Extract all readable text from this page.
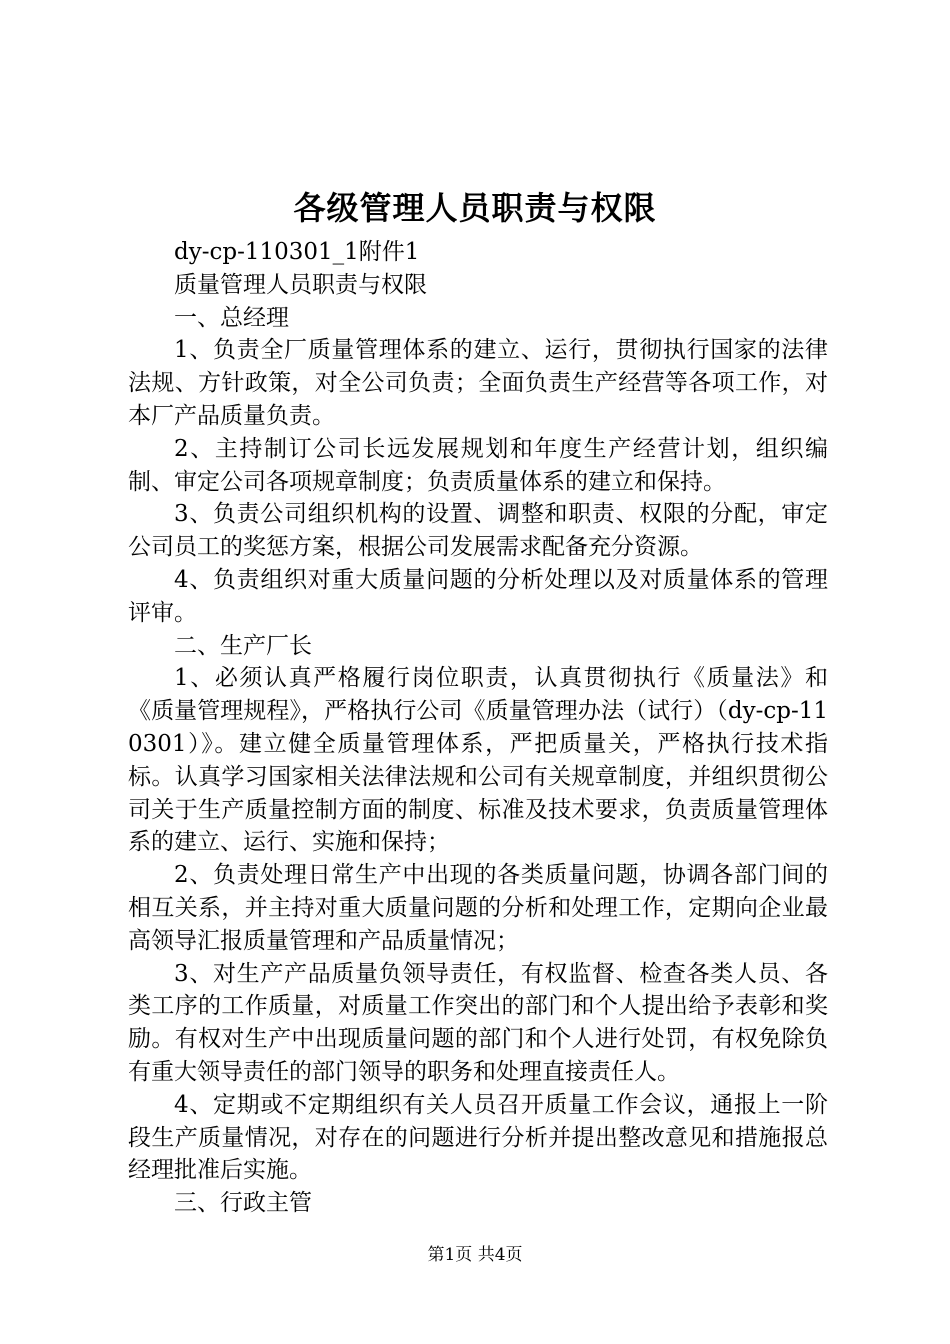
各级管理人员职责与权限

dy-cp-110301_1附件1

质量管理人员职责与权限

一、总经理

1、负责全厂质量管理体系的建立、运行，贯彻执行国家的法律法规、方针政策，对全公司负责；全面负责生产经营等各项工作，对本厂产品质量负责。

2、主持制订公司长远发展规划和年度生产经营计划，组织编制、审定公司各项规章制度；负责质量体系的建立和保持。

3、负责公司组织机构的设置、调整和职责、权限的分配，审定公司员工的奖惩方案，根据公司发展需求配备充分资源。

4、负责组织对重大质量问题的分析处理以及对质量体系的管理评审。

二、生产厂长

1、必须认真严格履行岗位职责，认真贯彻执行《质量法》和《质量管理规程》，严格执行公司《质量管理办法（试行）（dy-cp-110301）》。建立健全质量管理体系，严把质量关，严格执行技术指标。认真学习国家相关法律法规和公司有关规章制度，并组织贯彻公司关于生产质量控制方面的制度、标准及技术要求，负责质量管理体系的建立、运行、实施和保持；

2、负责处理日常生产中出现的各类质量问题，协调各部门间的相互关系，并主持对重大质量问题的分析和处理工作，定期向企业最高领导汇报质量管理和产品质量情况；

3、对生产产品质量负领导责任，有权监督、检查各类人员、各类工序的工作质量，对质量工作突出的部门和个人提出给予表彰和奖励。有权对生产中出现质量问题的部门和个人进行处罚，有权免除负有重大领导责任的部门领导的职务和处理直接责任人。

4、定期或不定期组织有关人员召开质量工作会议，通报上一阶段生产质量情况，对存在的问题进行分析并提出整改意见和措施报总经理批准后实施。

三、行政主管

第1页 共4页
